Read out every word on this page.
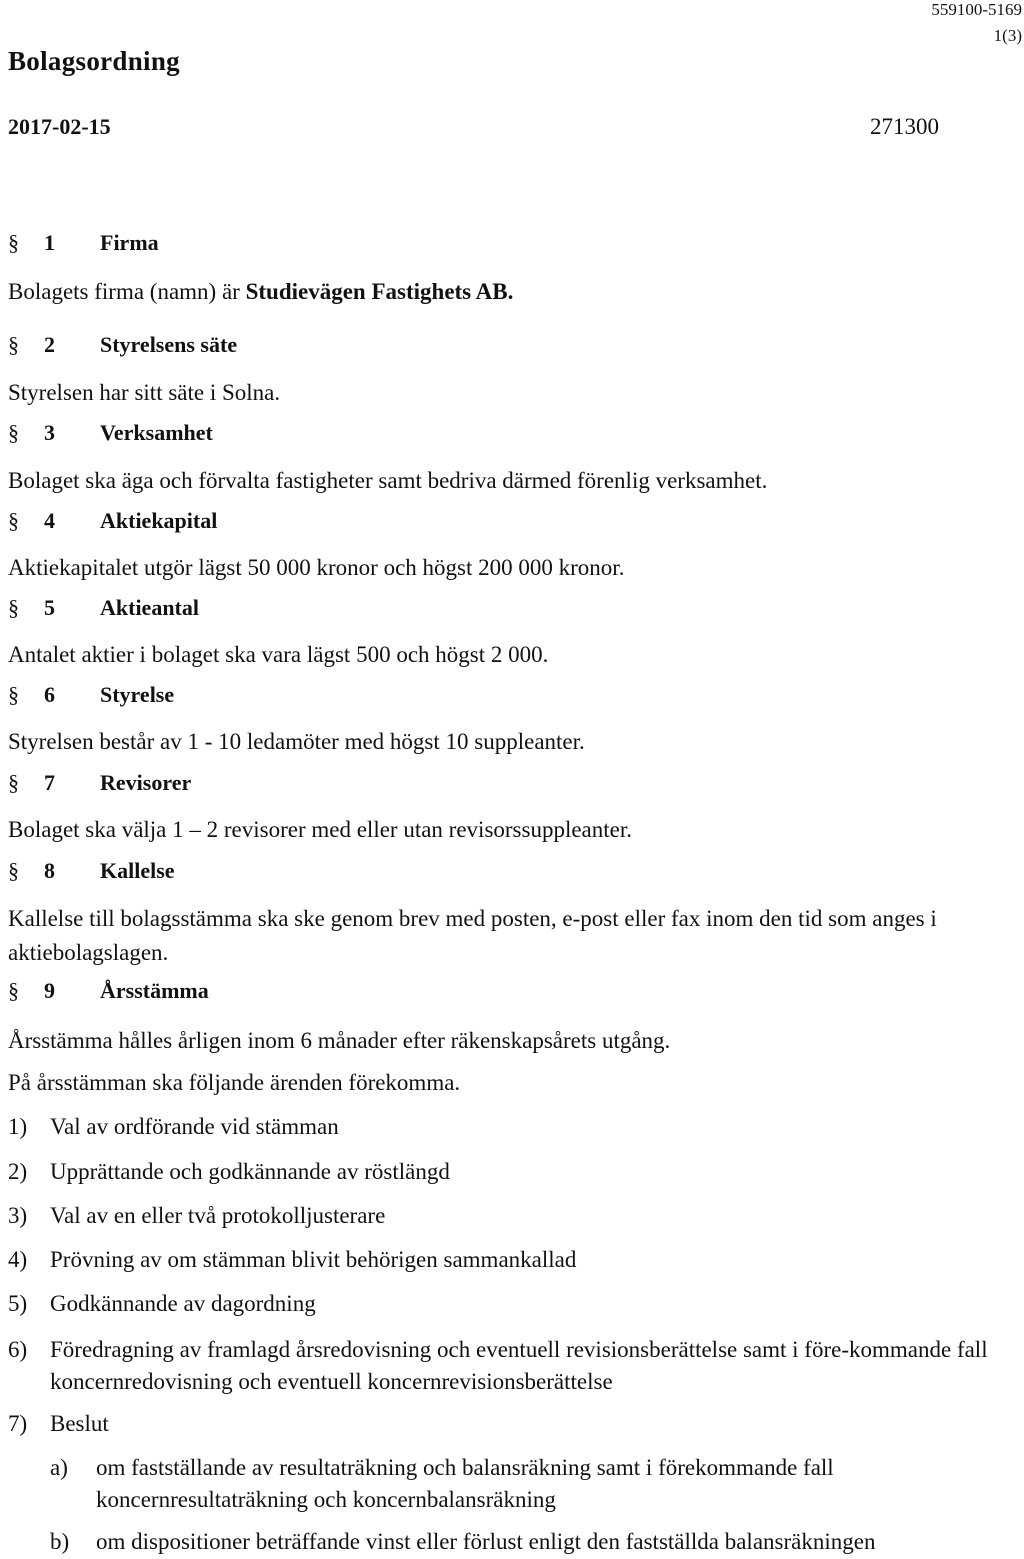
559100-5169
1(3)
Bolagsordning
2017-02-15	271300
§ 1 Firma
Bolagets firma (namn) är Studievägen Fastighets AB.
§ 2 Styrelsens säte
Styrelsen har sitt säte i Solna.
§ 3 Verksamhet
Bolaget ska äga och förvalta fastigheter samt bedriva därmed förenlig verksamhet.
§ 4 Aktiekapital
Aktiekapitalet utgör lägst 50 000 kronor och högst 200 000 kronor.
§ 5 Aktieantal
Antalet aktier i bolaget ska vara lägst 500 och högst 2 000.
§ 6 Styrelse
Styrelsen består av 1 - 10 ledamöter med högst 10 suppleanter.
§ 7 Revisorer
Bolaget ska välja 1 – 2 revisorer med eller utan revisorssuppleanter.
§ 8 Kallelse
Kallelse till bolagsstämma ska ske genom brev med posten, e-post eller fax inom den tid som anges i aktiebolagslagen.
§ 9 Årsstämma
Årsstämma hålles årligen inom 6 månader efter räkenskapsårets utgång.
På årsstämman ska följande ärenden förekomma.
1) Val av ordförande vid stämman
2) Upprättande och godkännande av röstlängd
3) Val av en eller två protokolljusterare
4) Prövning av om stämman blivit behörigen sammankallad
5) Godkännande av dagordning
6) Föredragning av framlagd årsredovisning och eventuell revisionsberättelse samt i före-kommande fall koncernredovisning och eventuell koncernrevisionsberättelse
7) Beslut
a)	om fastställande av resultaträkning och balansräkning samt i förekommande fall koncernresultaträkning och koncernbalansräkning
b)	om dispositioner beträffande vinst eller förlust enligt den fastställda balansräkningen
